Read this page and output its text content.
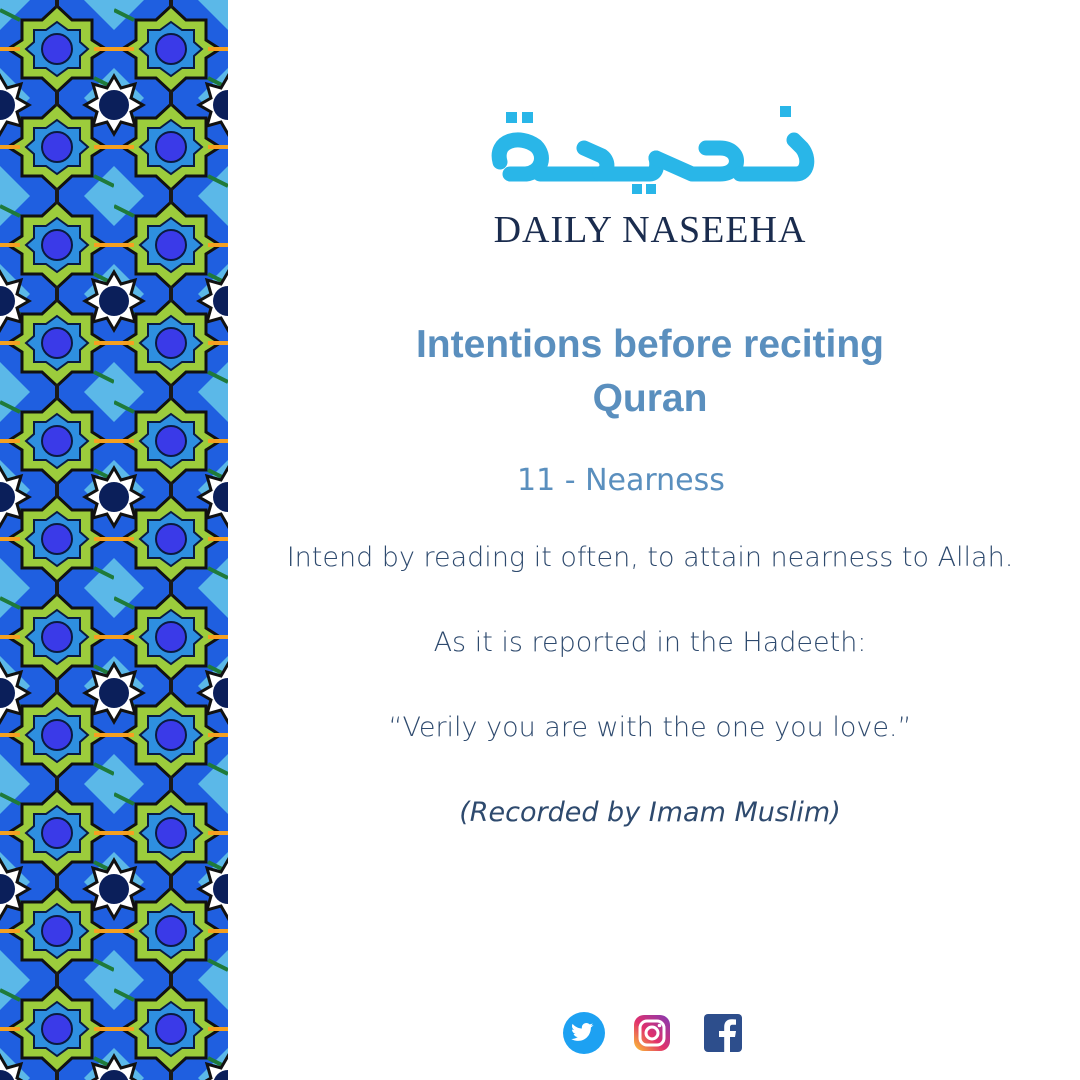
DAILY NASEEHA
Intentions before reciting
Quran
11 - Nearness
Intend by reading it often, to attain nearness to Allah.
As it is reported in the Hadeeth:
“Verily you are with the one you love.”
(Recorded by Imam Muslim)
